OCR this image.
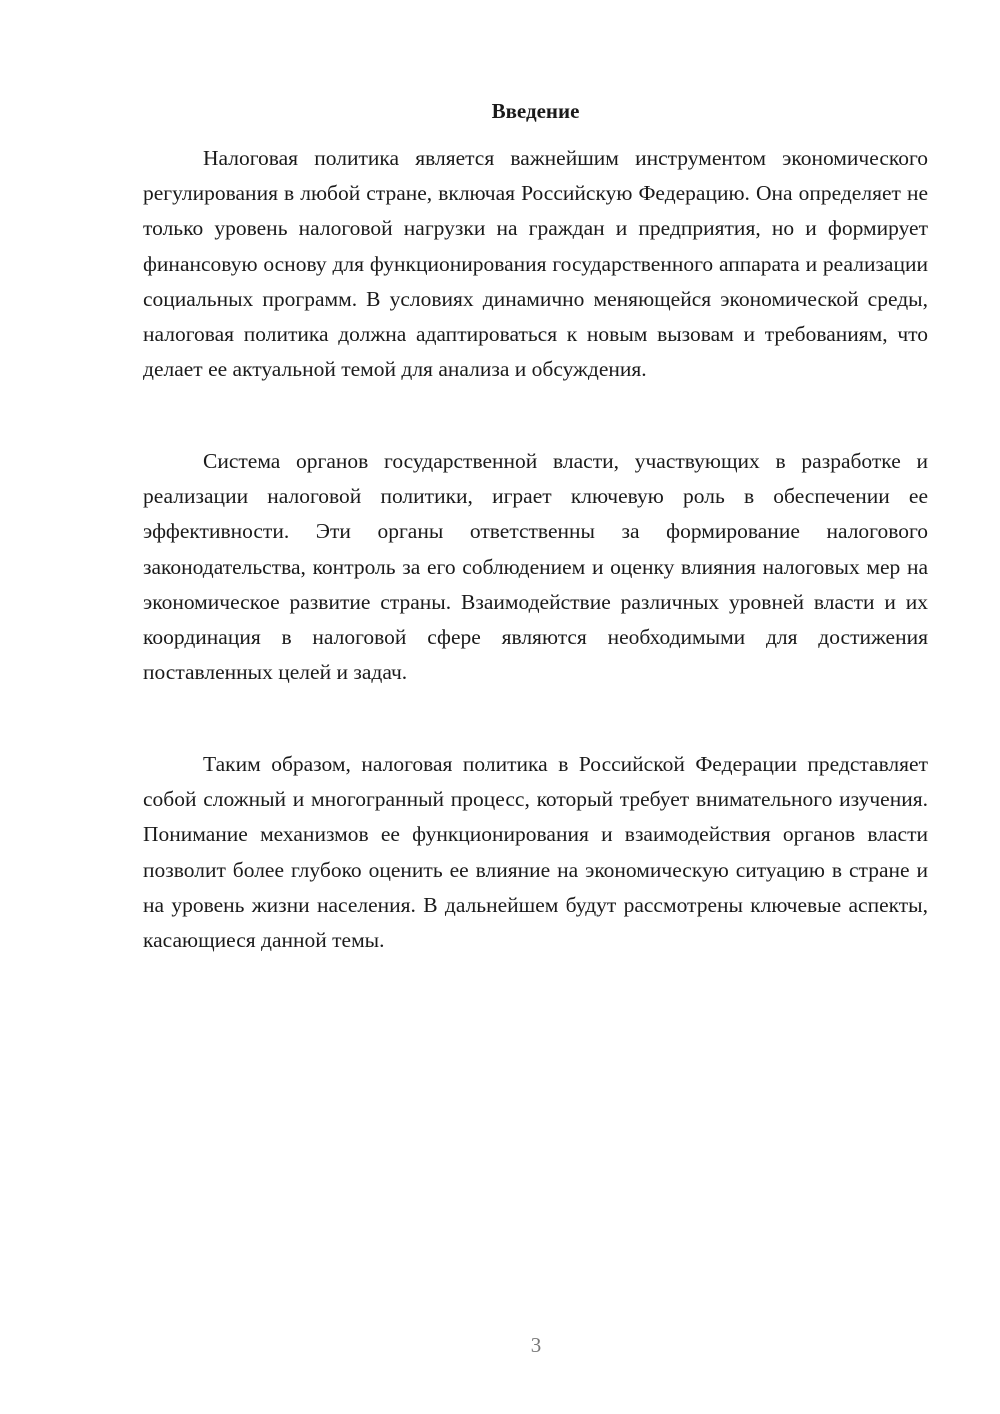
Введение

Налоговая политика является важнейшим инструментом экономического регулирования в любой стране, включая Российскую Федерацию. Она определяет не только уровень налоговой нагрузки на граждан и предприятия, но и формирует финансовую основу для функционирования государственного аппарата и реализации социальных программ. В условиях динамично меняющейся экономической среды, налоговая политика должна адаптироваться к новым вызовам и требованиям, что делает ее актуальной темой для анализа и обсуждения.

Система органов государственной власти, участвующих в разработке и реализации налоговой политики, играет ключевую роль в обеспечении ее эффективности. Эти органы ответственны за формирование налогового законодательства, контроль за его соблюдением и оценку влияния налоговых мер на экономическое развитие страны. Взаимодействие различных уровней власти и их координация в налоговой сфере являются необходимыми для достижения поставленных целей и задач.

Таким образом, налоговая политика в Российской Федерации представляет собой сложный и многогранный процесс, который требует внимательного изучения. Понимание механизмов ее функционирования и взаимодействия органов власти позволит более глубоко оценить ее влияние на экономическую ситуацию в стране и на уровень жизни населения. В дальнейшем будут рассмотрены ключевые аспекты, касающиеся данной темы.

3
